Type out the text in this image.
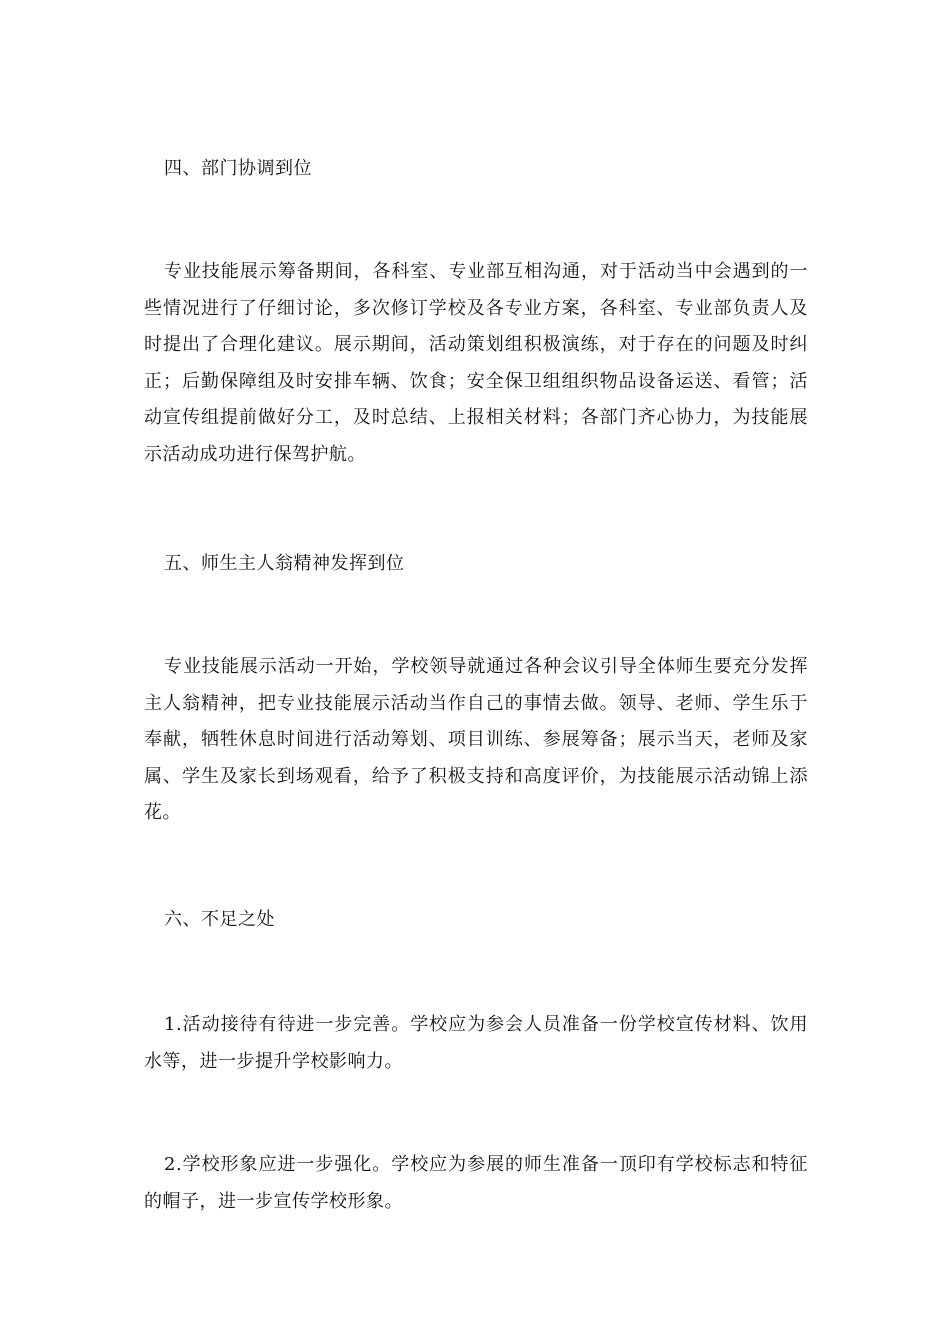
四、部门协调到位

专业技能展示筹备期间，各科室、专业部互相沟通，对于活动当中会遇到的一些情况进行了仔细讨论，多次修订学校及各专业方案，各科室、专业部负责人及时提出了合理化建议。展示期间，活动策划组积极演练，对于存在的问题及时纠正；后勤保障组及时安排车辆、饮食；安全保卫组组织物品设备运送、看管；活动宣传组提前做好分工，及时总结、上报相关材料；各部门齐心协力，为技能展示活动成功进行保驾护航。

五、师生主人翁精神发挥到位

专业技能展示活动一开始，学校领导就通过各种会议引导全体师生要充分发挥主人翁精神，把专业技能展示活动当作自己的事情去做。领导、老师、学生乐于奉献，牺牲休息时间进行活动筹划、项目训练、参展筹备；展示当天，老师及家属、学生及家长到场观看，给予了积极支持和高度评价，为技能展示活动锦上添花。

六、不足之处

1.活动接待有待进一步完善。学校应为参会人员准备一份学校宣传材料、饮用水等，进一步提升学校影响力。

2.学校形象应进一步强化。学校应为参展的师生准备一顶印有学校标志和特征的帽子，进一步宣传学校形象。
